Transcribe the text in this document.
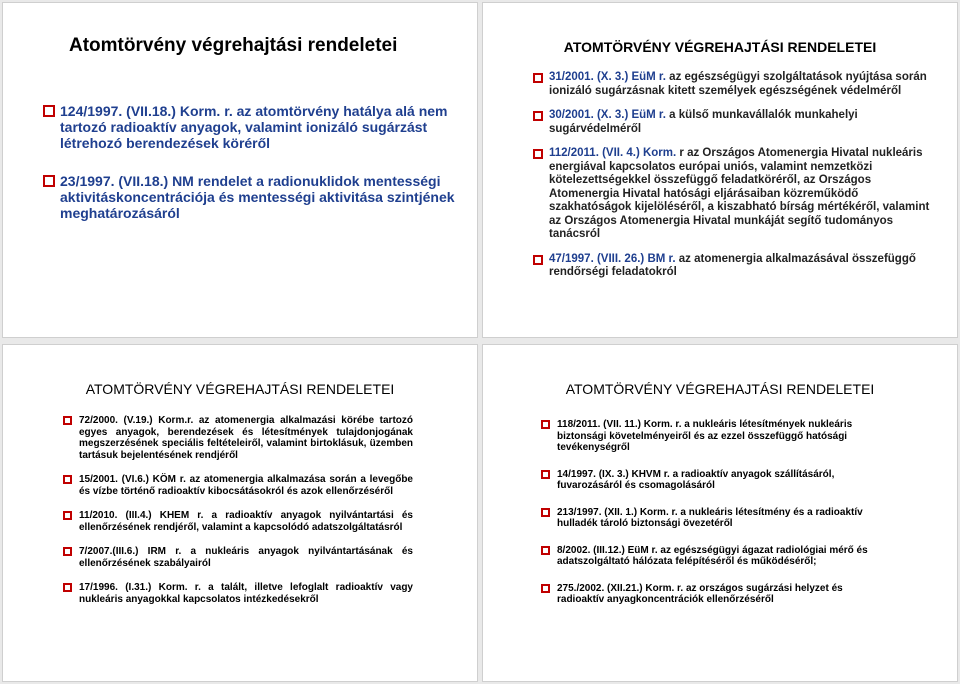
Atomtörvény végrehajtási rendeletei
124/1997. (VII.18.) Korm. r. az atomtörvény hatálya alá nem tartozó radioaktív anyagok, valamint ionizáló sugárzást létrehozó berendezések köréről
23/1997. (VII.18.) NM rendelet a radionuklidok mentességi aktivitáskoncentrációja és mentességi aktivitása szintjének meghatározásáról
ATOMTÖRVÉNY VÉGREHAJTÁSI RENDELETEI
31/2001. (X. 3.) EüM r. az egészségügyi szolgáltatások nyújtása során ionizáló sugárzásnak kitett személyek egészségének védelméről
30/2001. (X. 3.) EüM r. a külső munkavállalók munkahelyi sugárvédelméről
112/2011. (VII. 4.) Korm. r az Országos Atomenergia Hivatal nukleáris energiával kapcsolatos európai uniós, valamint nemzetközi kötelezettségekkel összefüggő feladatköréről, az Országos Atomenergia Hivatal hatósági eljárásaiban közreműködő szakhatóságok kijelöléséről, a kiszabható bírság mértékéről, valamint az Országos Atomenergia Hivatal munkáját segítő tudományos tanácsról
47/1997. (VIII. 26.) BM r. az atomenergia alkalmazásával összefüggő rendőrségi feladatokról
ATOMTÖRVÉNY VÉGREHAJTÁSI RENDELETEI
72/2000. (V.19.) Korm.r. az atomenergia alkalmazási körébe tartozó egyes anyagok, berendezések és létesítmények tulajdonjogának megszerzésének speciális feltételeiről, valamint birtoklásuk, üzemben tartásuk bejelentésének rendjéről
15/2001. (VI.6.) KÖM r. az atomenergia alkalmazása során a levegőbe és vízbe történő radioaktív kibocsátásokról és azok ellenőrzéséről
11/2010. (III.4.) KHEM r. a radioaktív anyagok nyilvántartási és ellenőrzésének rendjéről, valamint a kapcsolódó adatszolgáltatásról
7/2007.(III.6.) IRM r. a nukleáris anyagok nyilvántartásának és ellenőrzésének szabályairól
17/1996. (I.31.) Korm. r. a talált, illetve lefoglalt radioaktív vagy nukleáris anyagokkal kapcsolatos intézkedésekről
ATOMTÖRVÉNY VÉGREHAJTÁSI RENDELETEI
118/2011. (VII. 11.) Korm. r. a nukleáris létesítmények nukleáris biztonsági követelményeiről és az ezzel összefüggő hatósági tevékenységről
14/1997. (IX. 3.) KHVM r. a radioaktív anyagok szállításáról, fuvarozásáról és csomagolásáról
213/1997. (XII. 1.) Korm. r. a nukleáris létesítmény és a radioaktív hulladék tároló biztonsági övezetéről
8/2002. (III.12.) EüM r. az egészségügyi ágazat radiológiai mérő és adatszolgáltató hálózata felépítéséről és működéséről;
275./2002. (XII.21.) Korm. r. az országos sugárzási helyzet és radioaktív anyagkoncentrációk ellenőrzéséről
